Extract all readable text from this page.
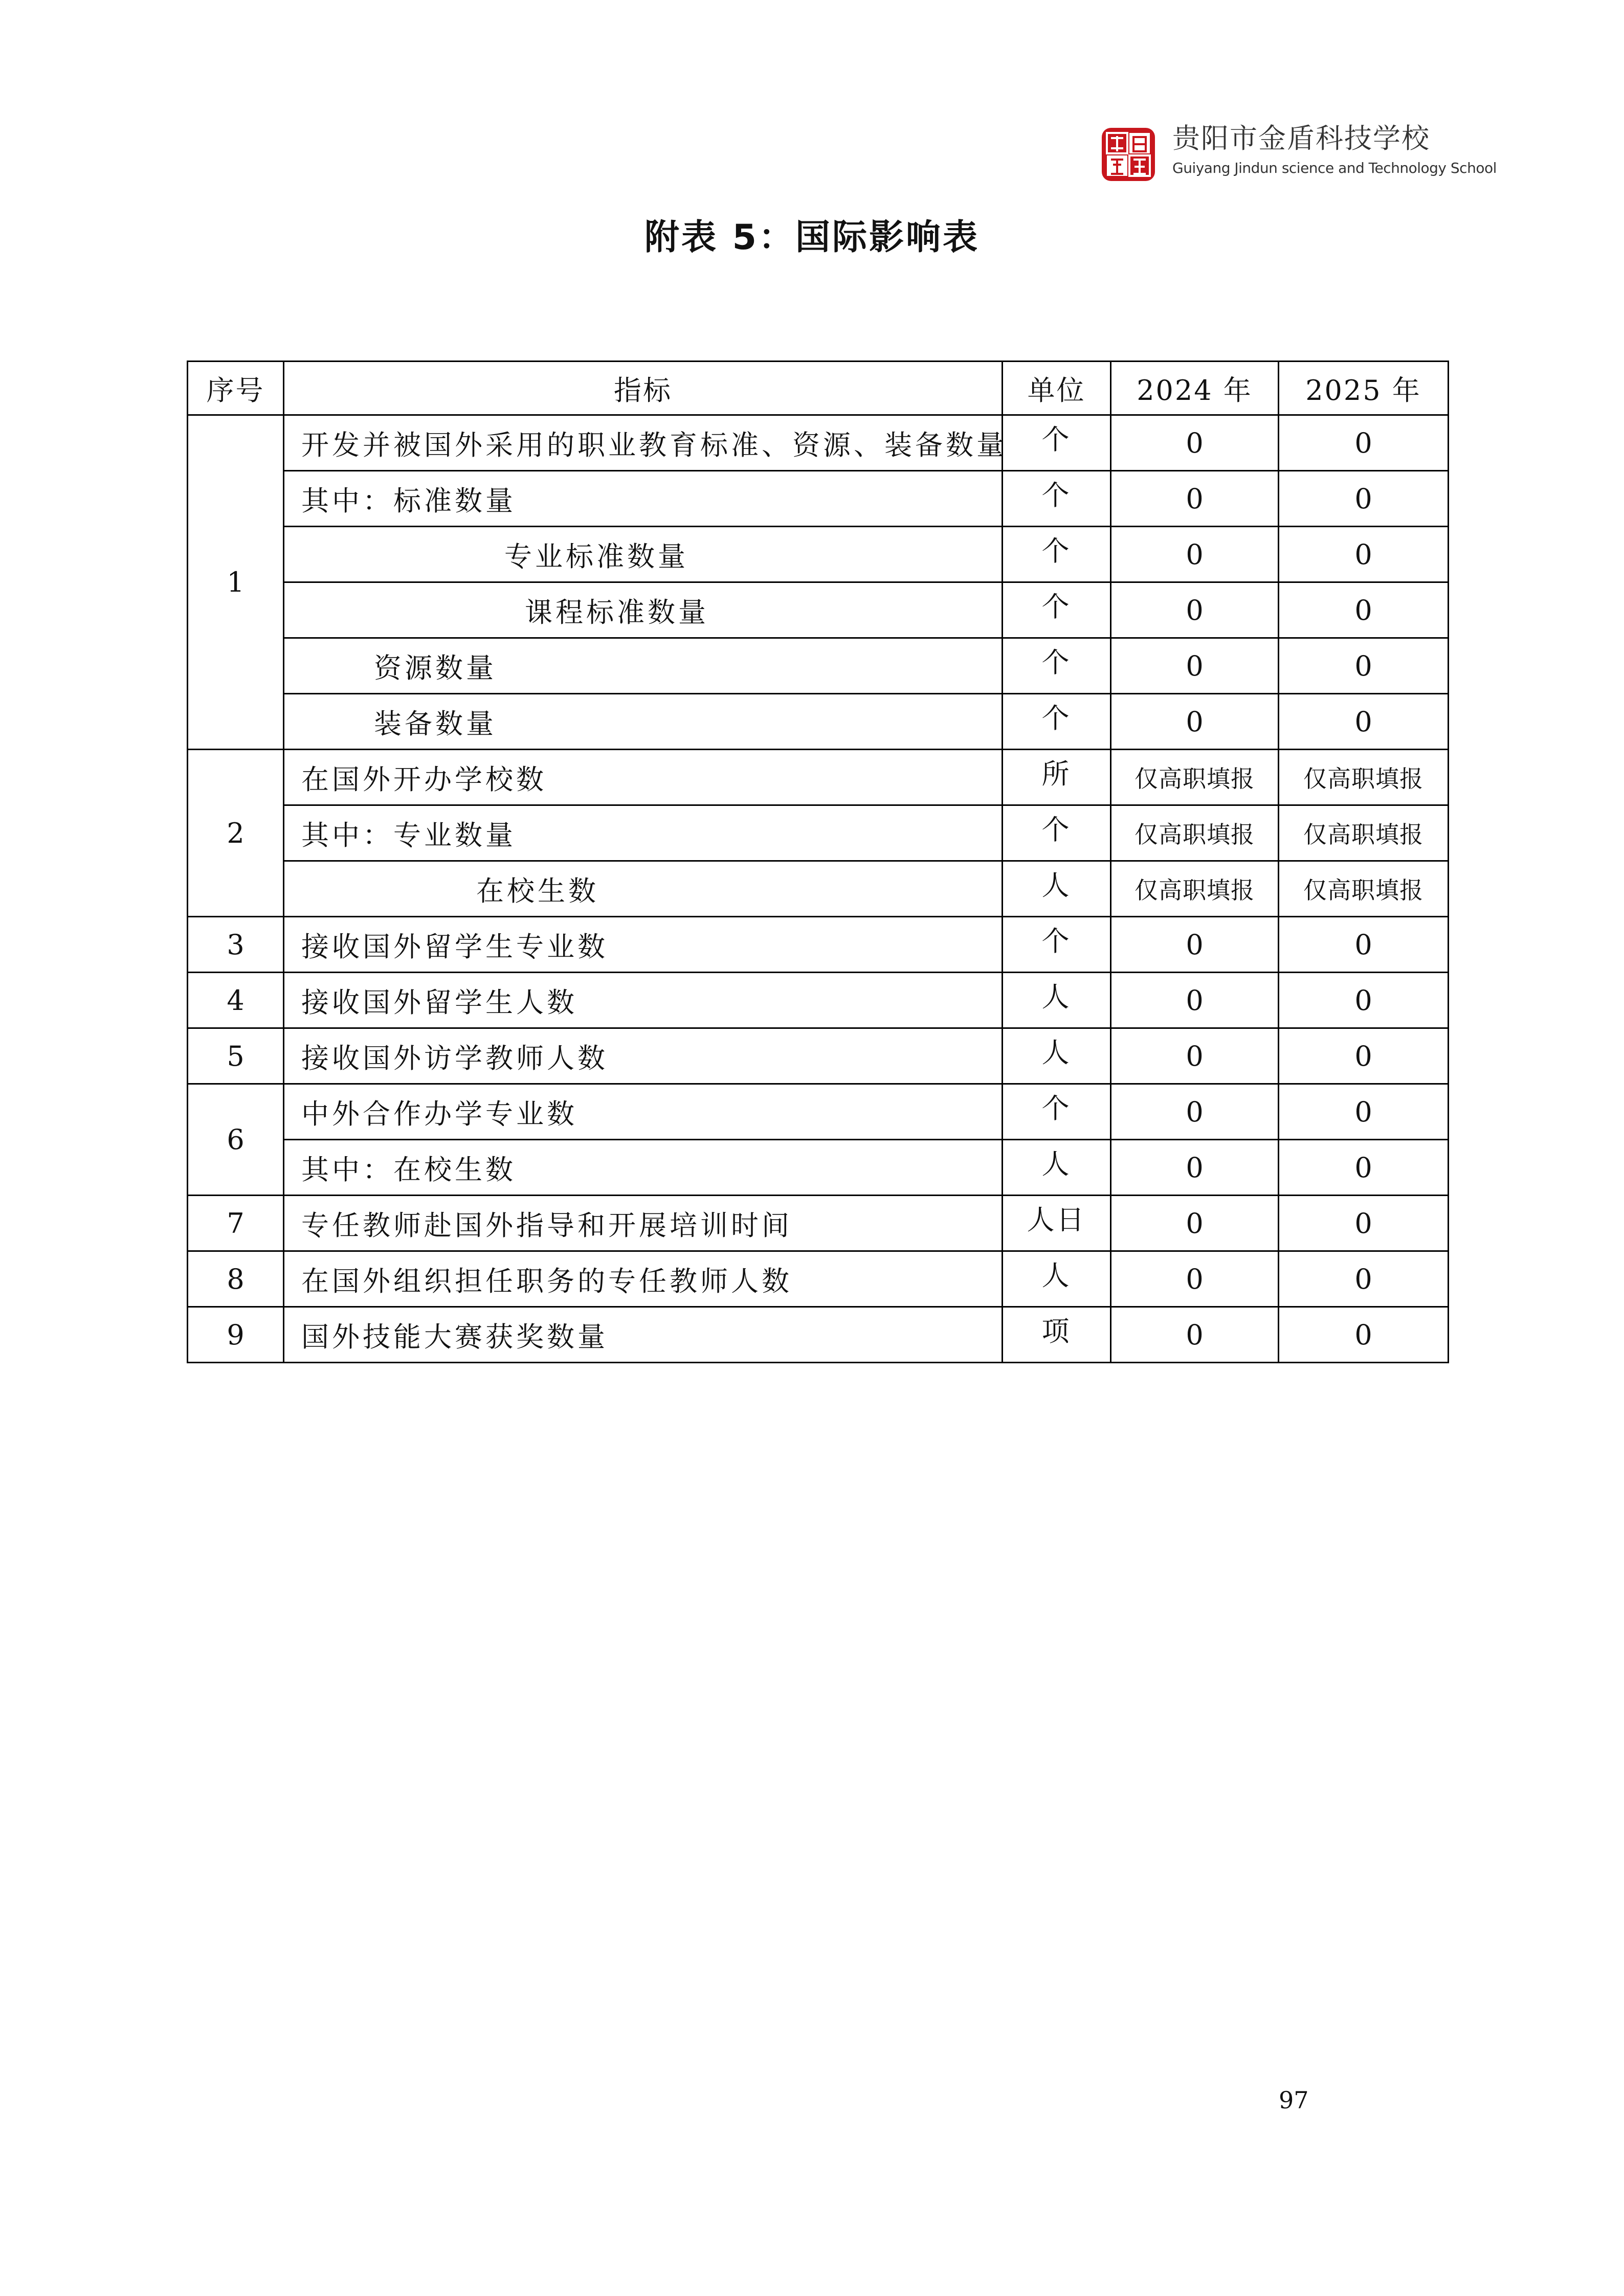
贵阳市金盾科技学校
Guiyang Jindun science and Technology School
附表 5：国际影响表
序号	指标	单位	2024 年	2025 年
1	开发并被国外采用的职业教育标准、资源、装备数量	个	0	0
	其中：标准数量	个	0	0
	专业标准数量	个	0	0
	课程标准数量	个	0	0
	资源数量	个	0	0
	装备数量	个	0	0
2	在国外开办学校数	所	仅高职填报	仅高职填报
	其中：专业数量	个	仅高职填报	仅高职填报
	在校生数	人	仅高职填报	仅高职填报
3	接收国外留学生专业数	个	0	0
4	接收国外留学生人数	人	0	0
5	接收国外访学教师人数	人	0	0
6	中外合作办学专业数	个	0	0
	其中：在校生数	人	0	0
7	专任教师赴国外指导和开展培训时间	人日	0	0
8	在国外组织担任职务的专任教师人数	人	0	0
9	国外技能大赛获奖数量	项	0	0
97
